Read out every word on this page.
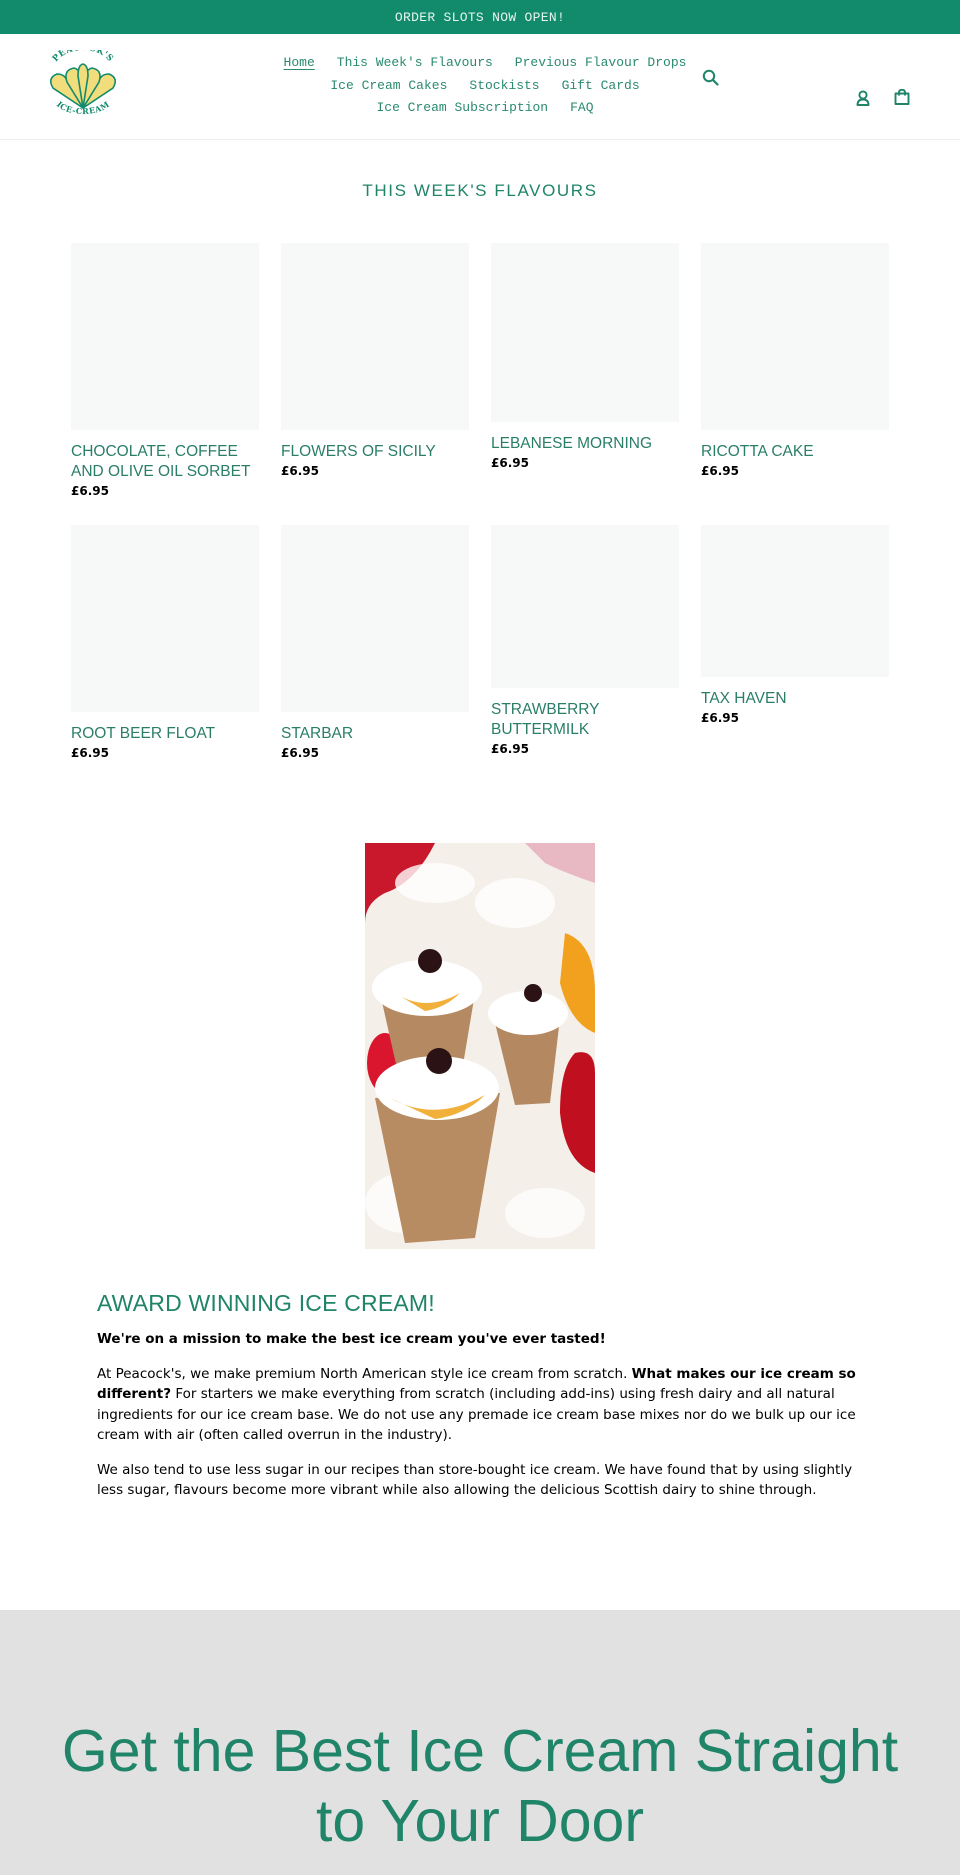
ORDER SLOTS NOW OPEN!
PEA K'S
ICE-CREAM
Home This Week's Flavours Previous Flavour Drops
Ice Cream Cakes Stockists Gift Cards
Ice Cream Subscription FAQ
THIS WEEK'S FLAVOURS
CHOCOLATE, COFFEE AND OLIVE OIL SORBET
£6.95
FLOWERS OF SICILY
£6.95
LEBANESE MORNING
£6.95
RICOTTA CAKE
£6.95
ROOT BEER FLOAT
£6.95
STARBAR
£6.95
STRAWBERRY BUTTERMILK
£6.95
TAX HAVEN
£6.95
AWARD WINNING ICE CREAM!

We're on a mission to make the best ice cream you've ever tasted!

At Peacock's, we make premium North American style ice cream from scratch. What makes our ice cream so different? For starters we make everything from scratch (including add-ins) using fresh dairy and all natural ingredients for our ice cream base. We do not use any premade ice cream base mixes nor do we bulk up our ice cream with air (often called overrun in the industry).

We also tend to use less sugar in our recipes than store-bought ice cream. We have found that by using slightly less sugar, flavours become more vibrant while also allowing the delicious Scottish dairy to shine through.

Get the Best Ice Cream Straight
to Your Door
